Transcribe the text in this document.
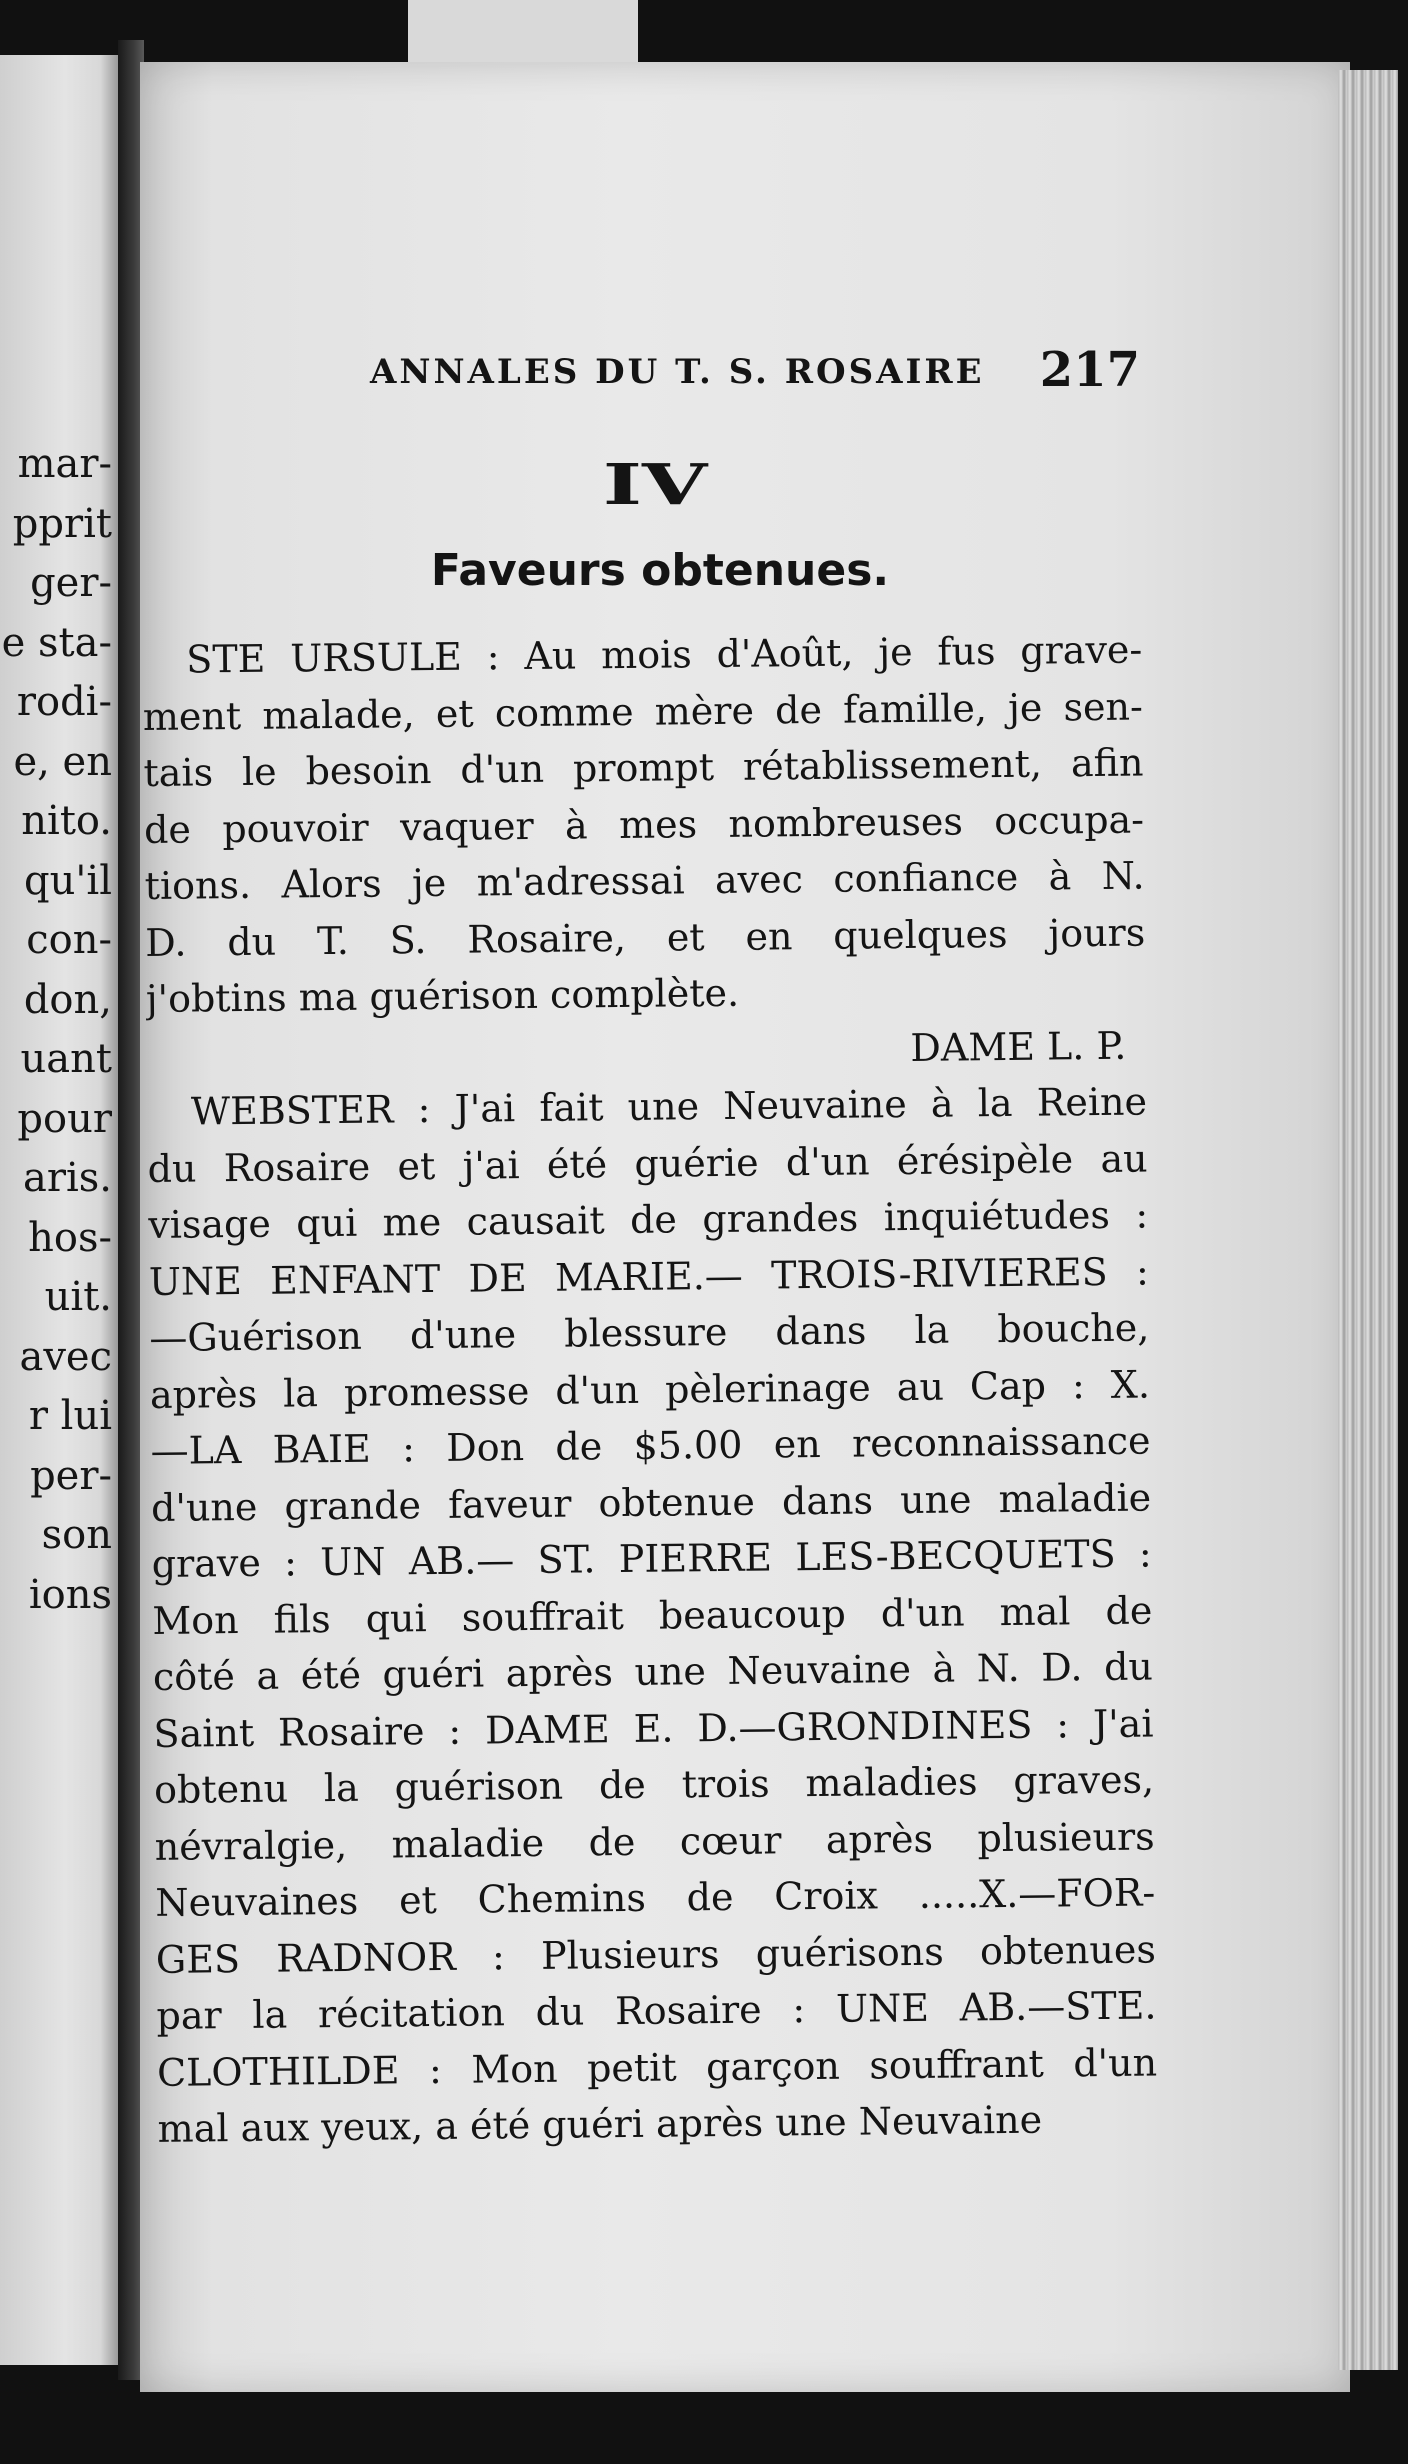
mar-
pprit
ger-
e sta-
rodi-
e, en
nito.
qu'il
con-
don,
uant
pour
aris.
hos-
uit.
avec
r lui
per-
son
ions
ANNALES DU T. S. ROSAIRE 217
IV
Faveurs obtenues.
STE URSULE : Au mois d'Août, je fus grave-
ment malade, et comme mère de famille, je sen-
tais le besoin d'un prompt rétablissement, afin
de pouvoir vaquer à mes nombreuses occupa-
tions. Alors je m'adressai avec confiance à N.
D. du T. S. Rosaire, et en quelques jours
j'obtins ma guérison complète.
DAME L. P.
WEBSTER : J'ai fait une Neuvaine à la Reine
du Rosaire et j'ai été guérie d'un érésipèle au
visage qui me causait de grandes inquiétudes :
UNE ENFANT DE MARIE.— TROIS-RIVIERES :
—Guérison d'une blessure dans la bouche,
après la promesse d'un pèlerinage au Cap : X.
—LA BAIE : Don de $5.00 en reconnaissance
d'une grande faveur obtenue dans une maladie
grave : UN AB.— ST. PIERRE LES-BECQUETS :
Mon fils qui souffrait beaucoup d'un mal de
côté a été guéri après une Neuvaine à N. D. du
Saint Rosaire : DAME E. D.—GRONDINES : J'ai
obtenu la guérison de trois maladies graves,
névralgie, maladie de cœur après plusieurs
Neuvaines et Chemins de Croix .....X.—FOR-
GES RADNOR : Plusieurs guérisons obtenues
par la récitation du Rosaire : UNE AB.—STE.
CLOTHILDE : Mon petit garçon souffrant d'un
mal aux yeux, a été guéri après une Neuvaine
